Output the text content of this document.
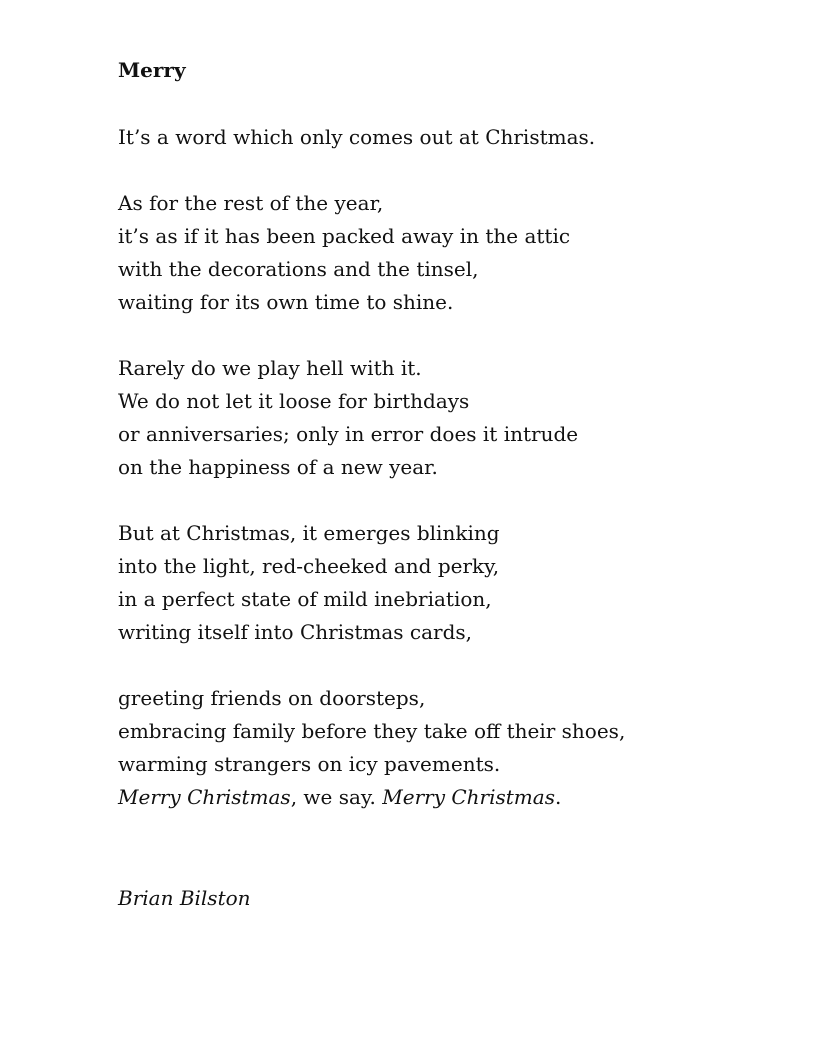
Merry
It’s a word which only comes out at Christmas.
As for the rest of the year,
it’s as if it has been packed away in the attic
with the decorations and the tinsel,
waiting for its own time to shine.
Rarely do we play hell with it.
We do not let it loose for birthdays
or anniversaries; only in error does it intrude
on the happiness of a new year.
But at Christmas, it emerges blinking
into the light, red-cheeked and perky,
in a perfect state of mild inebriation,
writing itself into Christmas cards,
greeting friends on doorsteps,
embracing family before they take off their shoes,
warming strangers on icy pavements.
Merry Christmas, we say. Merry Christmas.
Brian Bilston
